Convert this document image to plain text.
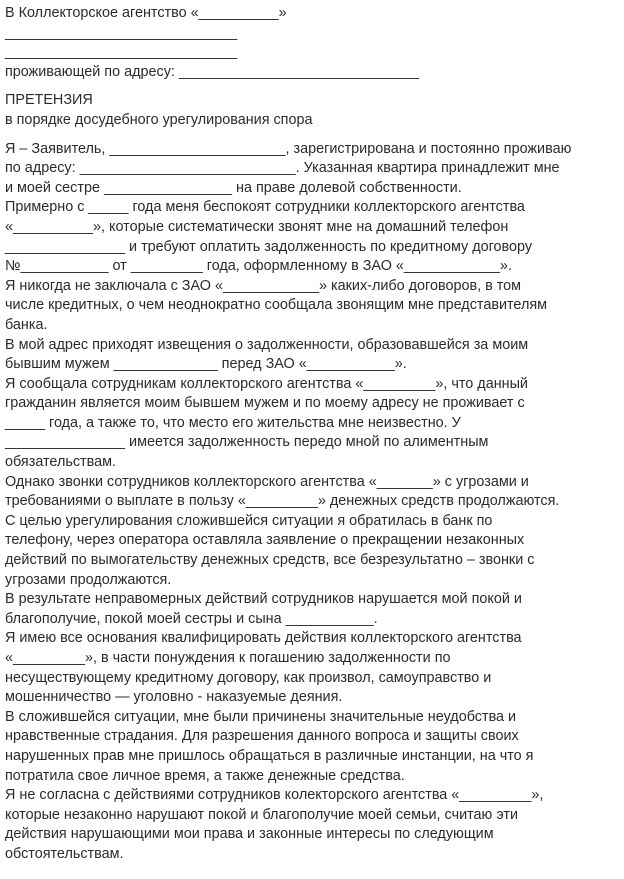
В Коллекторское агентство «__________»
_____________________________
_____________________________
проживающей по адресу: ______________________________
ПРЕТЕНЗИЯ
в порядке досудебного урегулирования спора
Я – Заявитель, ______________________, зарегистрирована и постоянно проживаю
по адресу: ___________________________. Указанная квартира принадлежит мне
и моей сестре ________________ на праве долевой собственности.
Примерно с _____ года меня беспокоят сотрудники коллекторского агентства
«__________», которые систематически звонят мне на домашний телефон
_______________ и требуют оплатить задолженность по кредитному договору
№___________ от _________ года, оформленному в ЗАО «____________».
Я никогда не заключала с ЗАО «____________» каких-либо договоров, в том
числе кредитных, о чем неоднократно сообщала звонящим мне представителям
банка.
В мой адрес приходят извещения о задолженности, образовавшейся за моим
бывшим мужем _____________ перед ЗАО «___________».
Я сообщала сотрудникам коллекторского агентства «_________», что данный
гражданин является моим бывшем мужем и по моему адресу не проживает с
_____ года, а также то, что место его жительства мне неизвестно. У
_______________ имеется задолженность передо мной по алиментным
обязательствам.
Однако звонки сотрудников коллекторского агентства «_______» с угрозами и
требованиями о выплате в пользу «_________» денежных средств продолжаются.
С целью урегулирования сложившейся ситуации я обратилась в банк по
телефону, через оператора оставляла заявление о прекращении незаконных
действий по вымогательству денежных средств, все безрезультатно – звонки с
угрозами продолжаются.
В результате неправомерных действий сотрудников нарушается мой покой и
благополучие, покой моей сестры и сына ___________.
Я имею все основания квалифицировать действия коллекторского агентства
«_________», в части понуждения к погашению задолженности по
несуществующему кредитному договору, как произвол, самоуправство и
мошенничество — уголовно - наказуемые деяния.
В сложившейся ситуации, мне были причинены значительные неудобства и
нравственные страдания. Для разрешения данного вопроса и защиты своих
нарушенных прав мне пришлось обращаться в различные инстанции, на что я
потратила свое личное время, а также денежные средства.
Я не согласна с действиями сотрудников колекторского агентства «_________»,
которые незаконно нарушают покой и благополучие моей семьи, считаю эти
действия нарушающими мои права и законные интересы по следующим
обстоятельствам.
